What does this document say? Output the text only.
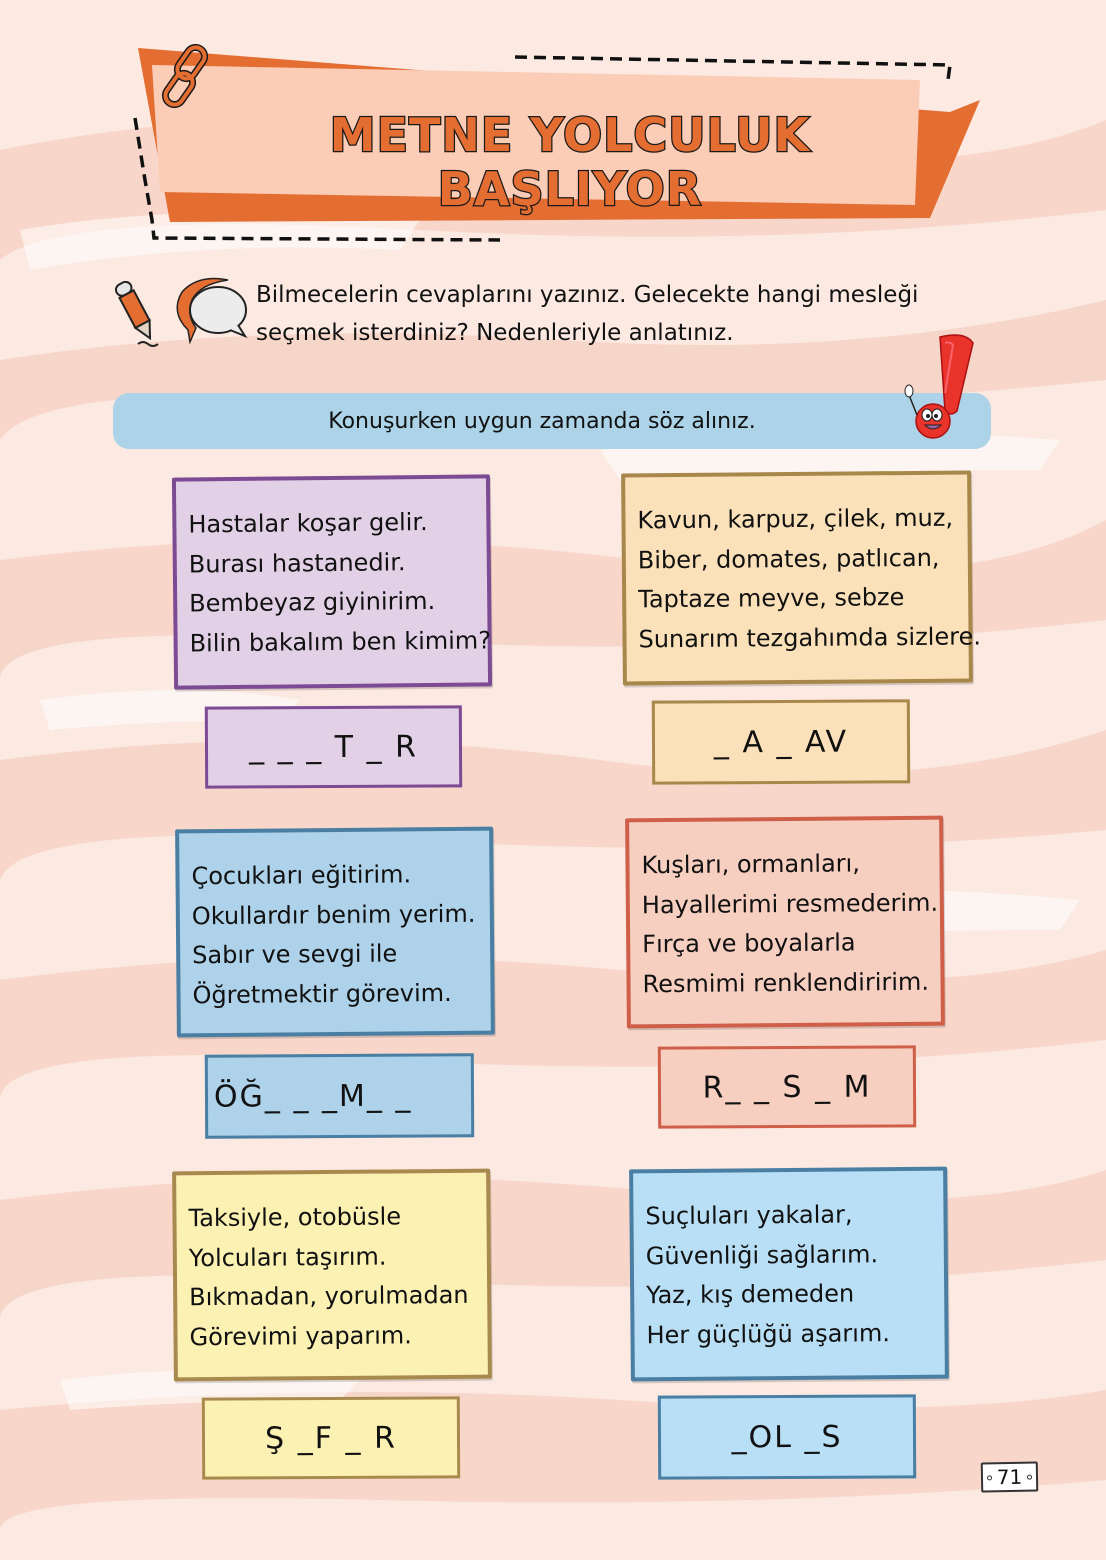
METNE YOLCULUK BAŞLIYOR
Bilmecelerin cevaplarını yazınız. Gelecekte hangi mesleği
seçmek isterdiniz? Nedenleriyle anlatınız.
Konuşurken uygun zamanda söz alınız.
Hastalar koşar gelir.
Burası hastanedir.
Bembeyaz giyinirim.
Bilin bakalım ben kimim?
_ _ _ T _ R
Kavun, karpuz, çilek, muz,
Biber, domates, patlıcan,
Taptaze meyve, sebze
Sunarım tezgahımda sizlere.
_ A _ AV
Çocukları eğitirim.
Okullardır benim yerim.
Sabır ve sevgi ile
Öğretmektir görevim.
ÖĞ_ _ _M_ _
Kuşları, ormanları,
Hayallerimi resmederim.
Fırça ve boyalarla
Resmimi renklendiririm.
R_ _ S _ M
Taksiyle, otobüsle
Yolcuları taşırım.
Bıkmadan, yorulmadan
Görevimi yaparım.
Ş _F _ R
Suçluları yakalar,
Güvenliği sağlarım.
Yaz, kış demeden
Her güçlüğü aşarım.
_OL _S
71
